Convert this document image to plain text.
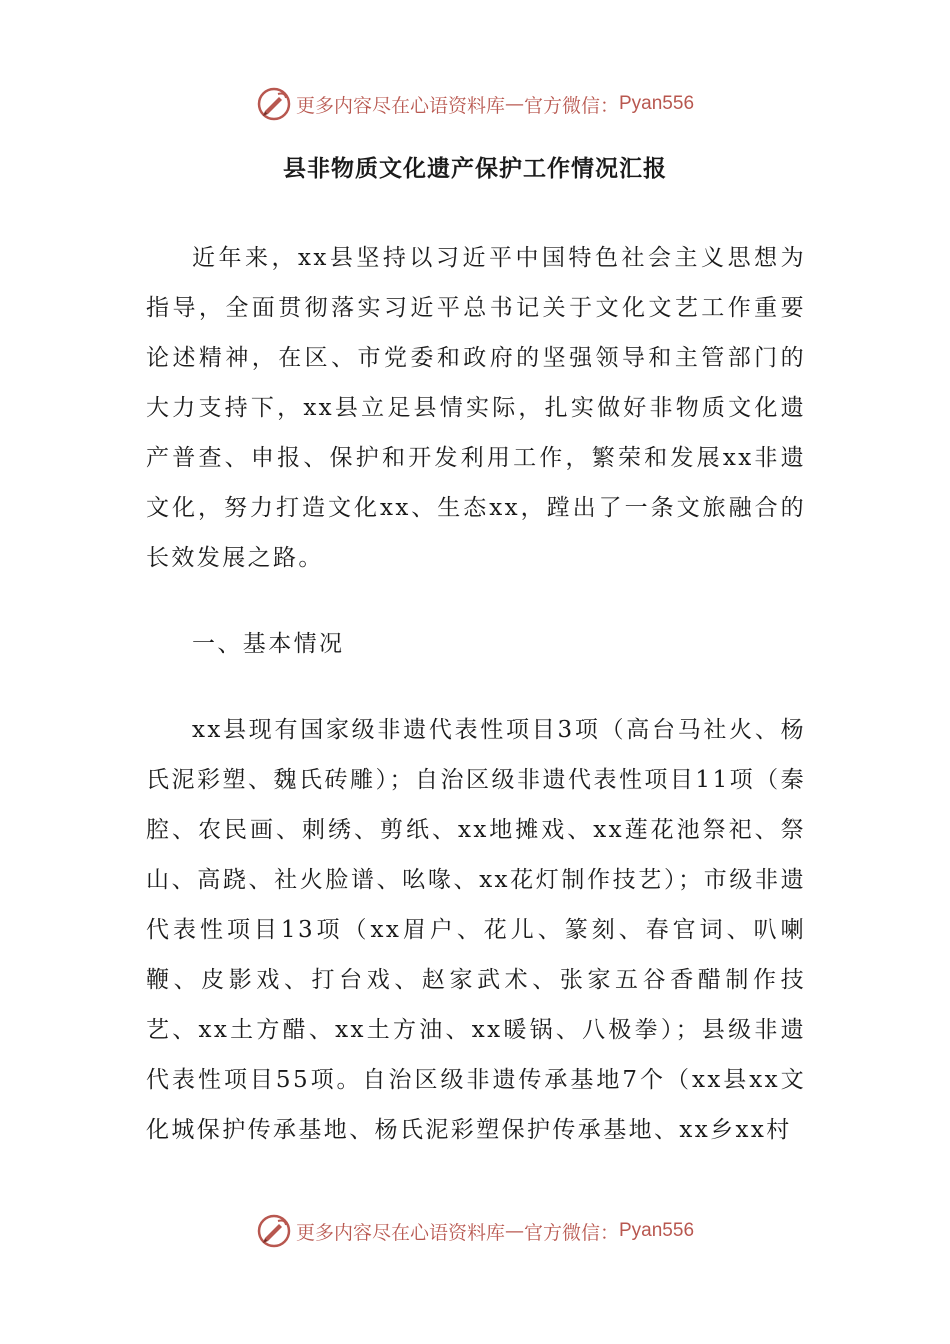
更多内容尽在心语资料库 — 官方微信： Pyan556
县非物质文化遗产保护工作情况汇报

近年来，xx县坚持以习近平中国特色社会主义思想为指导，全面贯彻落实习近平总书记关于文化文艺工作重要论述精神，在区、市党委和政府的坚强领导和主管部门的大力支持下，xx县立足县情实际，扎实做好非物质文化遗产普查、申报、保护和开发利用工作，繁荣和发展xx非遗文化，努力打造文化xx、生态xx，蹚出了一条文旅融合的长效发展之路。

一、基本情况

xx县现有国家级非遗代表性项目3项（高台马社火、杨氏泥彩塑、魏氏砖雕）；自治区级非遗代表性项目11项（秦腔、农民画、刺绣、剪纸、xx地摊戏、xx莲花池祭祀、祭山、高跷、社火脸谱、吆喙、xx花灯制作技艺）；市级非遗代表性项目13项（xx眉户、花儿、篆刻、春官词、叭喇鞭、皮影戏、打台戏、赵家武术、张家五谷香醋制作技艺、xx土方醋、xx土方油、xx暖锅、八极拳）；县级非遗代表性项目55项。自治区级非遗传承基地7个（xx县xx文化城保护传承基地、杨氏泥彩塑保护传承基地、xx乡xx村

更多内容尽在心语资料库 — 官方微信： Pyan556
